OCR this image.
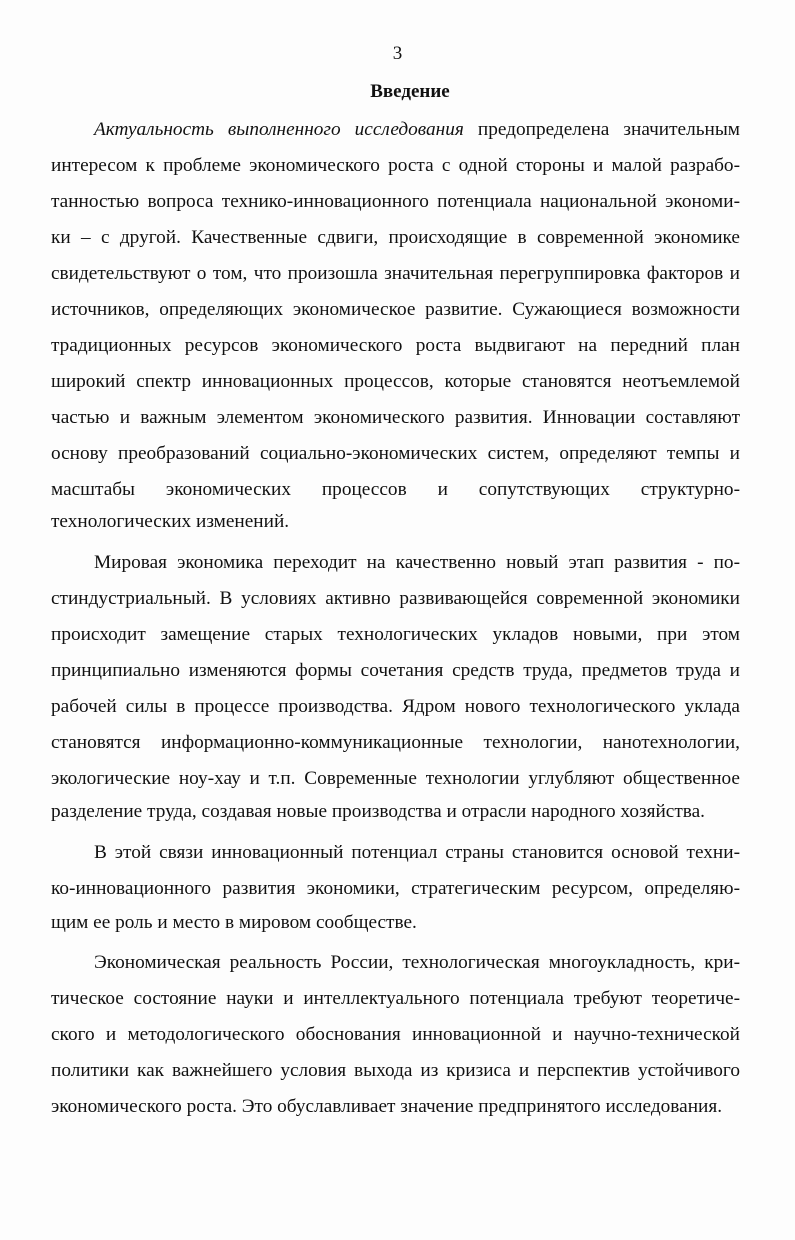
3
Введение
Актуальность выполненного исследования предопределена значительным
интересом к проблеме экономического роста с одной стороны и малой разрабо-
танностью вопроса технико-инновационного потенциала национальной экономи-
ки – с другой. Качественные сдвиги, происходящие в современной экономике
свидетельствуют о том, что произошла значительная перегруппировка факторов и
источников, определяющих экономическое развитие. Сужающиеся возможности
традиционных ресурсов экономического роста выдвигают на передний план
широкий спектр инновационных процессов, которые становятся неотъемлемой
частью и важным элементом экономического развития. Инновации составляют
основу преобразований социально-экономических систем, определяют темпы и
масштабы экономических процессов и сопутствующих структурно-
технологических изменений.
Мировая экономика переходит на качественно новый этап развития - по-
стиндустриальный. В условиях активно развивающейся современной экономики
происходит замещение старых технологических укладов новыми, при этом
принципиально изменяются формы сочетания средств труда, предметов труда и
рабочей силы в процессе производства. Ядром нового технологического уклада
становятся информационно-коммуникационные технологии, нанотехнологии,
экологические ноу-хау и т.п. Современные технологии углубляют общественное
разделение труда, создавая новые производства и отрасли народного хозяйства.
В этой связи инновационный потенциал страны становится основой техни-
ко-инновационного развития экономики, стратегическим ресурсом, определяю-
щим ее роль и место в мировом сообществе.
Экономическая реальность России, технологическая многоукладность, кри-
тическое состояние науки и интеллектуального потенциала требуют теоретиче-
ского и методологического обоснования инновационной и научно-технической
политики как важнейшего условия выхода из кризиса и перспектив устойчивого
экономического роста. Это обуславливает значение предпринятого исследования.
